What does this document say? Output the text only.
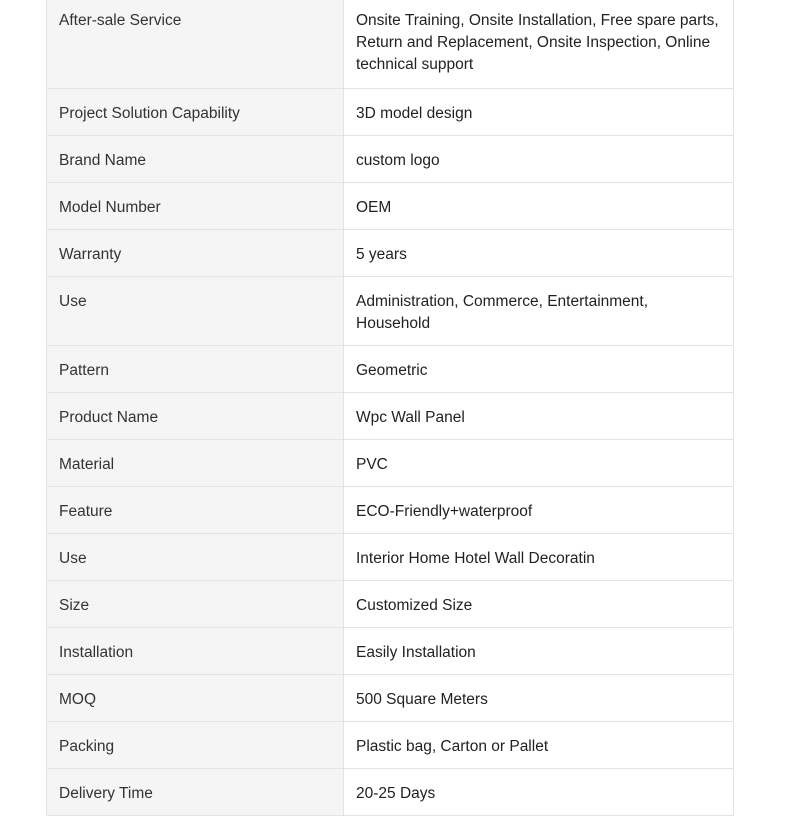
After-sale Service	Onsite Training, Onsite Installation, Free spare parts, Return and Replacement, Onsite Inspection, Online technical support
Project Solution Capability	3D model design
Brand Name	custom logo
Model Number	OEM
Warranty	5 years
Use	Administration, Commerce, Entertainment, Household
Pattern	Geometric
Product Name	Wpc Wall Panel
Material	PVC
Feature	ECO-Friendly+waterproof
Use	Interior Home Hotel Wall Decoratin
Size	Customized Size
Installation	Easily Installation
MOQ	500 Square Meters
Packing	Plastic bag, Carton or Pallet
Delivery Time	20-25 Days
